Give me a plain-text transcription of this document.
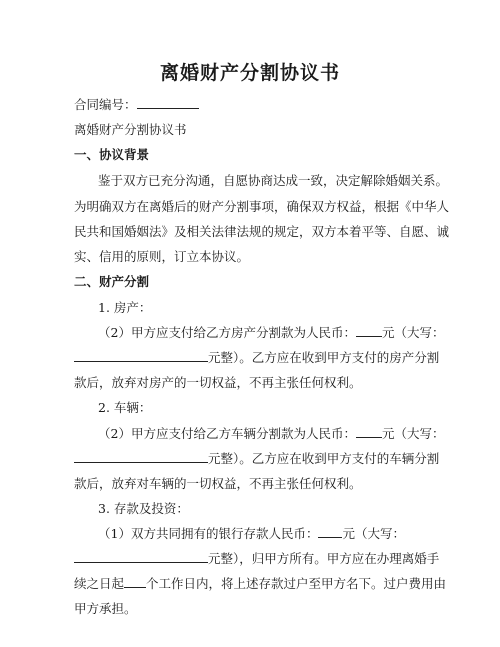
离婚财产分割协议书
合同编号：
离婚财产分割协议书
一、协议背景
鉴于双方已充分沟通，自愿协商达成一致，决定解除婚姻关系。
为明确双方在离婚后的财产分割事项，确保双方权益，根据《中华人
民共和国婚姻法》及相关法律法规的规定，双方本着平等、自愿、诚
实、信用的原则，订立本协议。
二、财产分割
1. 房产：
（2）甲方应支付给乙方房产分割款为人民币： 元（大写：
元整）。乙方应在收到甲方支付的房产分割
款后，放弃对房产的一切权益，不再主张任何权利。
2. 车辆：
（2）甲方应支付给乙方车辆分割款为人民币： 元（大写：
元整）。乙方应在收到甲方支付的车辆分割
款后，放弃对车辆的一切权益，不再主张任何权利。
3. 存款及投资：
（1）双方共同拥有的银行存款人民币： 元（大写：
元整），归甲方所有。甲方应在办理离婚手
续之日起 个工作日内，将上述存款过户至甲方名下。过户费用由
甲方承担。
